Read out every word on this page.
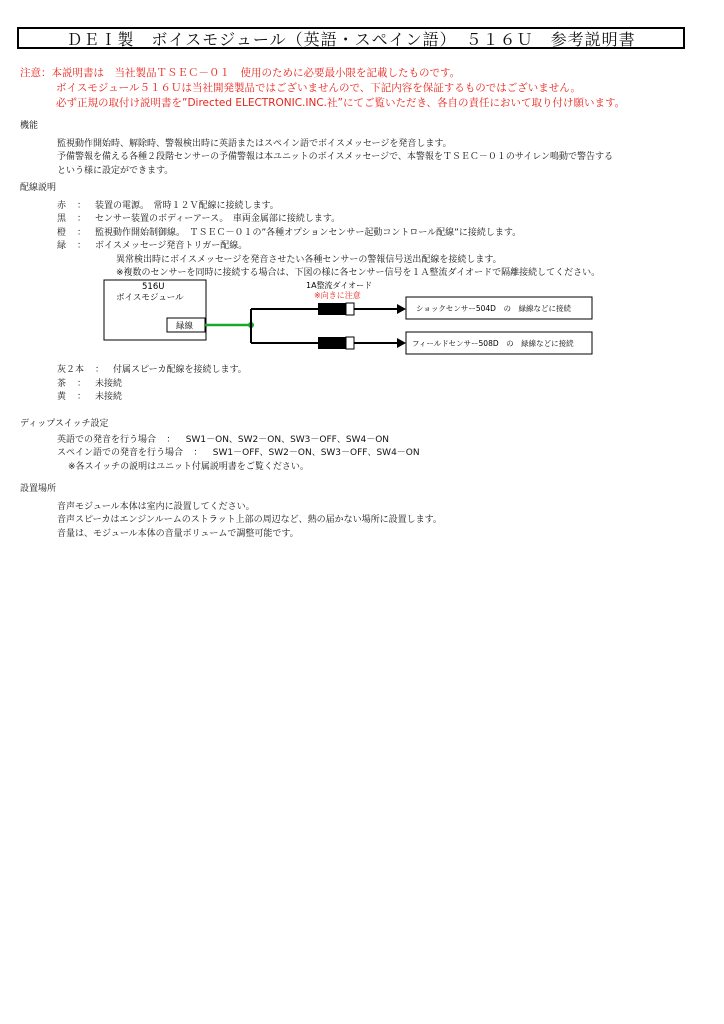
ＤＥＩ製　ボイスモジュール（英語・スペイン語）　５１６Ｕ　参考説明書
注意：本説明書は　当社製品ＴＳＥＣ－０１　使用のために必要最小限を記載したものです。
ボイスモジュール５１６Ｕは当社開発製品ではございませんので、下記内容を保証するものではございません。
必ず正規の取付け説明書を”Directed ELECTRONIC.INC.社”にてご覧いただき、各自の責任において取り付け願います。
機能
監視動作開始時、解除時、警報検出時に英語またはスペイン語でボイスメッセージを発音します。
予備警報を備える各種２段階センサーの予備警報は本ユニットのボイスメッセージで、本警報をＴＳＥＣ－０１のサイレン鳴動で警告する
という様に設定ができます。
配線説明
赤	： 装置の電源。　常時１２Ｖ配線に接続します。
黒	： センサー装置のボディーアース。　車両金属部に接続します。
橙	： 監視動作開始制御線。　ＴＳＥＣ－０１の”各種オプションセンサー起動コントロール配線”に接続します。
緑	： ボイスメッセージ発音トリガー配線。
異常検出時にボイスメッセージを発音させたい各種センサーの警報信号送出配線を接続します。
※複数のセンサーを同時に接続する場合は、下図の様に各センサー信号を１Ａ整流ダイオードで隔離接続してください。
516U
ボイスモジュール
緑線
1A整流ダイオード
※向きに注意
ショックセンサー504D　の　緑線などに接続
フィールドセンサー508D　の　緑線などに接続
灰２本	： 付属スピーカ配線を接続します。
茶	： 未接続
黄	： 未接続
ディップスイッチ設定
英語での発音を行う場合 ： SW1－ON、SW2－ON、SW3－OFF、SW4－ON
スペイン語での発音を行う場合 ： SW1－OFF、SW2－ON、SW3－OFF、SW4－ON
※各スイッチの説明はユニット付属説明書をご覧ください。
設置場所
音声モジュール本体は室内に設置してください。
音声スピーカはエンジンルームのストラット上部の周辺など、熱の届かない場所に設置します。
音量は、モジュール本体の音量ボリュームで調整可能です。
